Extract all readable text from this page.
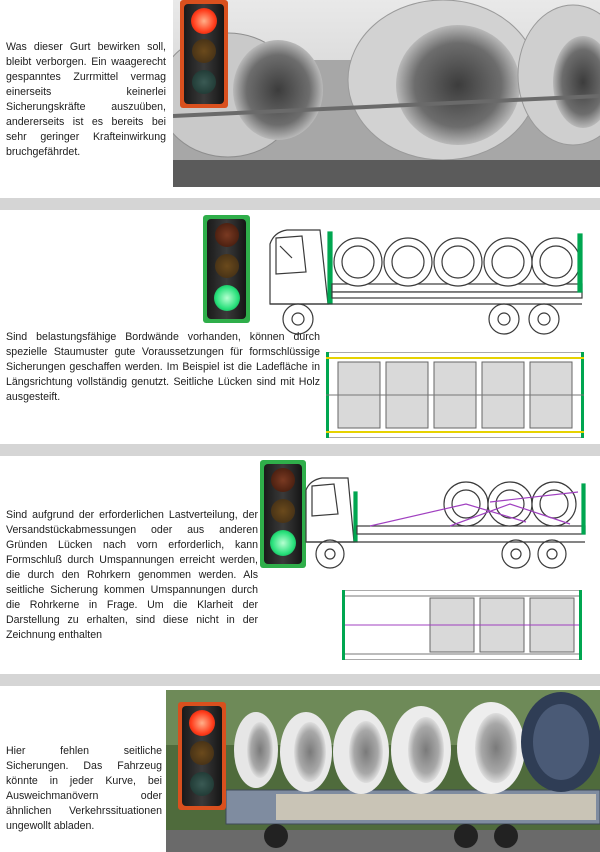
Was dieser Gurt bewirken soll, bleibt verborgen. Ein waagerecht gespanntes Zurrmittel vermag einerseits keinerlei Sicherungskräfte auszuüben, andererseits ist es bereits bei sehr geringer Krafteinwirkung bruchgefährdet.
Sind belastungsfähige Bordwände vorhanden, können durch spezielle Staumuster gute Voraussetzungen für formschlüssige Sicherungen geschaffen werden. Im Beispiel ist die Ladefläche in Längsrichtung vollständig genutzt. Seitliche Lücken sind mit Holz ausgesteift.
Sind aufgrund der erforderlichen Lastverteilung, der Versandstückabmessungen oder aus anderen Gründen Lücken nach vorn erforderlich, kann Formschluß durch Umspannungen erreicht werden, die durch den Rohrkern genommen werden. Als seitliche Sicherung kommen Umspannungen durch die Rohrkerne in Frage. Um die Klarheit der Darstellung zu erhalten, sind diese nicht in der Zeichnung enthalten
Hier fehlen seitliche Sicherungen. Das Fahrzeug könnte in jeder Kurve, bei Ausweichmanövern oder ähnlichen Verkehrssituationen ungewollt abladen.
